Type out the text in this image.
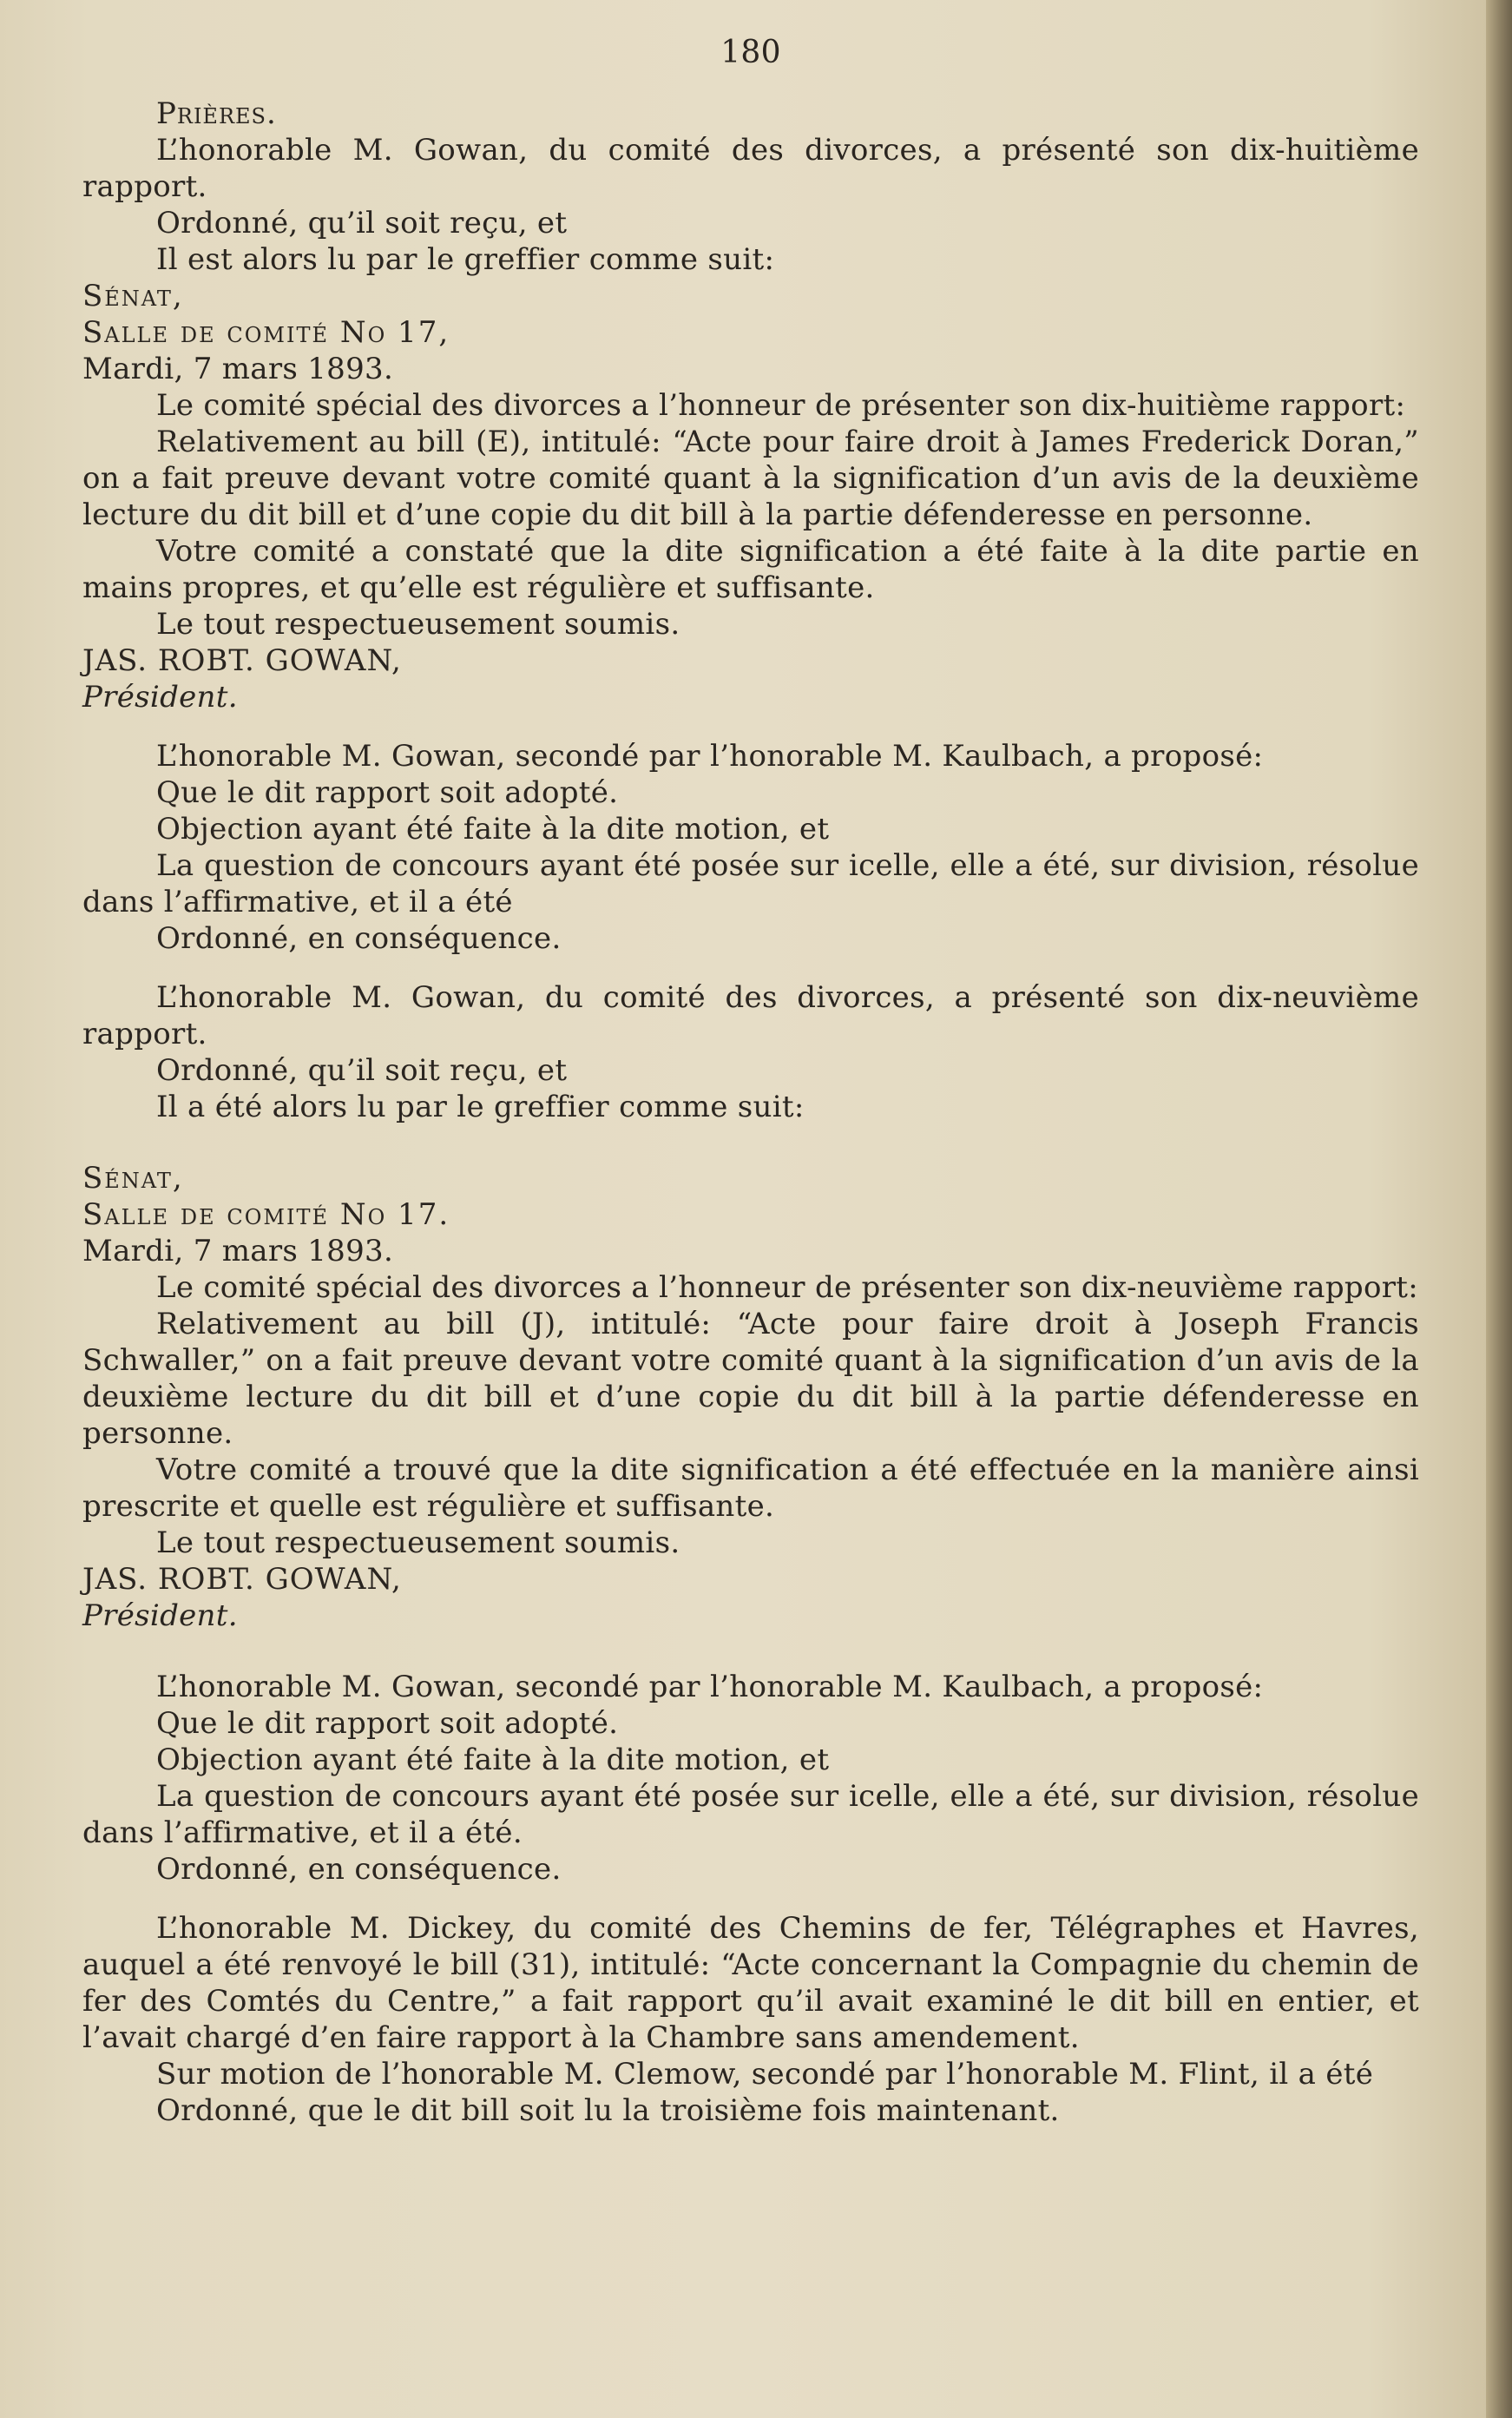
180

Prières.

L’honorable M. Gowan, du comité des divorces, a présenté son dix-huitième rapport.

Ordonné, qu’il soit reçu, et

Il est alors lu par le greffier comme suit:

Sénat,

Salle de comité No 17,

Mardi, 7 mars 1893.

Le comité spécial des divorces a l’honneur de présenter son dix-huitième rapport:

Relativement au bill (E), intitulé: “Acte pour faire droit à James Frederick Doran,” on a fait preuve devant votre comité quant à la signification d’un avis de la deuxième lecture du dit bill et d’une copie du dit bill à la partie défenderesse en personne.

Votre comité a constaté que la dite signification a été faite à la dite partie en mains propres, et qu’elle est régulière et suffisante.

Le tout respectueusement soumis.

JAS. ROBT. GOWAN,

Président.

L’honorable M. Gowan, secondé par l’honorable M. Kaulbach, a proposé:

Que le dit rapport soit adopté.

Objection ayant été faite à la dite motion, et

La question de concours ayant été posée sur icelle, elle a été, sur division, résolue dans l’affirmative, et il a été

Ordonné, en conséquence.

L’honorable M. Gowan, du comité des divorces, a présenté son dix-neuvième rapport.

Ordonné, qu’il soit reçu, et

Il a été alors lu par le greffier comme suit:

Sénat,

Salle de comité No 17.

Mardi, 7 mars 1893.

Le comité spécial des divorces a l’honneur de présenter son dix-neuvième rapport:

Relativement au bill (J), intitulé: “Acte pour faire droit à Joseph Francis Schwaller,” on a fait preuve devant votre comité quant à la signification d’un avis de la deuxième lecture du dit bill et d’une copie du dit bill à la partie défenderesse en personne.

Votre comité a trouvé que la dite signification a été effectuée en la manière ainsi prescrite et quelle est régulière et suffisante.

Le tout respectueusement soumis.

JAS. ROBT. GOWAN,

Président.

L’honorable M. Gowan, secondé par l’honorable M. Kaulbach, a proposé:

Que le dit rapport soit adopté.

Objection ayant été faite à la dite motion, et

La question de concours ayant été posée sur icelle, elle a été, sur division, résolue dans l’affirmative, et il a été.

Ordonné, en conséquence.

L’honorable M. Dickey, du comité des Chemins de fer, Télégraphes et Havres, auquel a été renvoyé le bill (31), intitulé: “Acte concernant la Compagnie du chemin de fer des Comtés du Centre,” a fait rapport qu’il avait examiné le dit bill en entier, et l’avait chargé d’en faire rapport à la Chambre sans amendement.

Sur motion de l’honorable M. Clemow, secondé par l’honorable M. Flint, il a été

Ordonné, que le dit bill soit lu la troisième fois maintenant.
